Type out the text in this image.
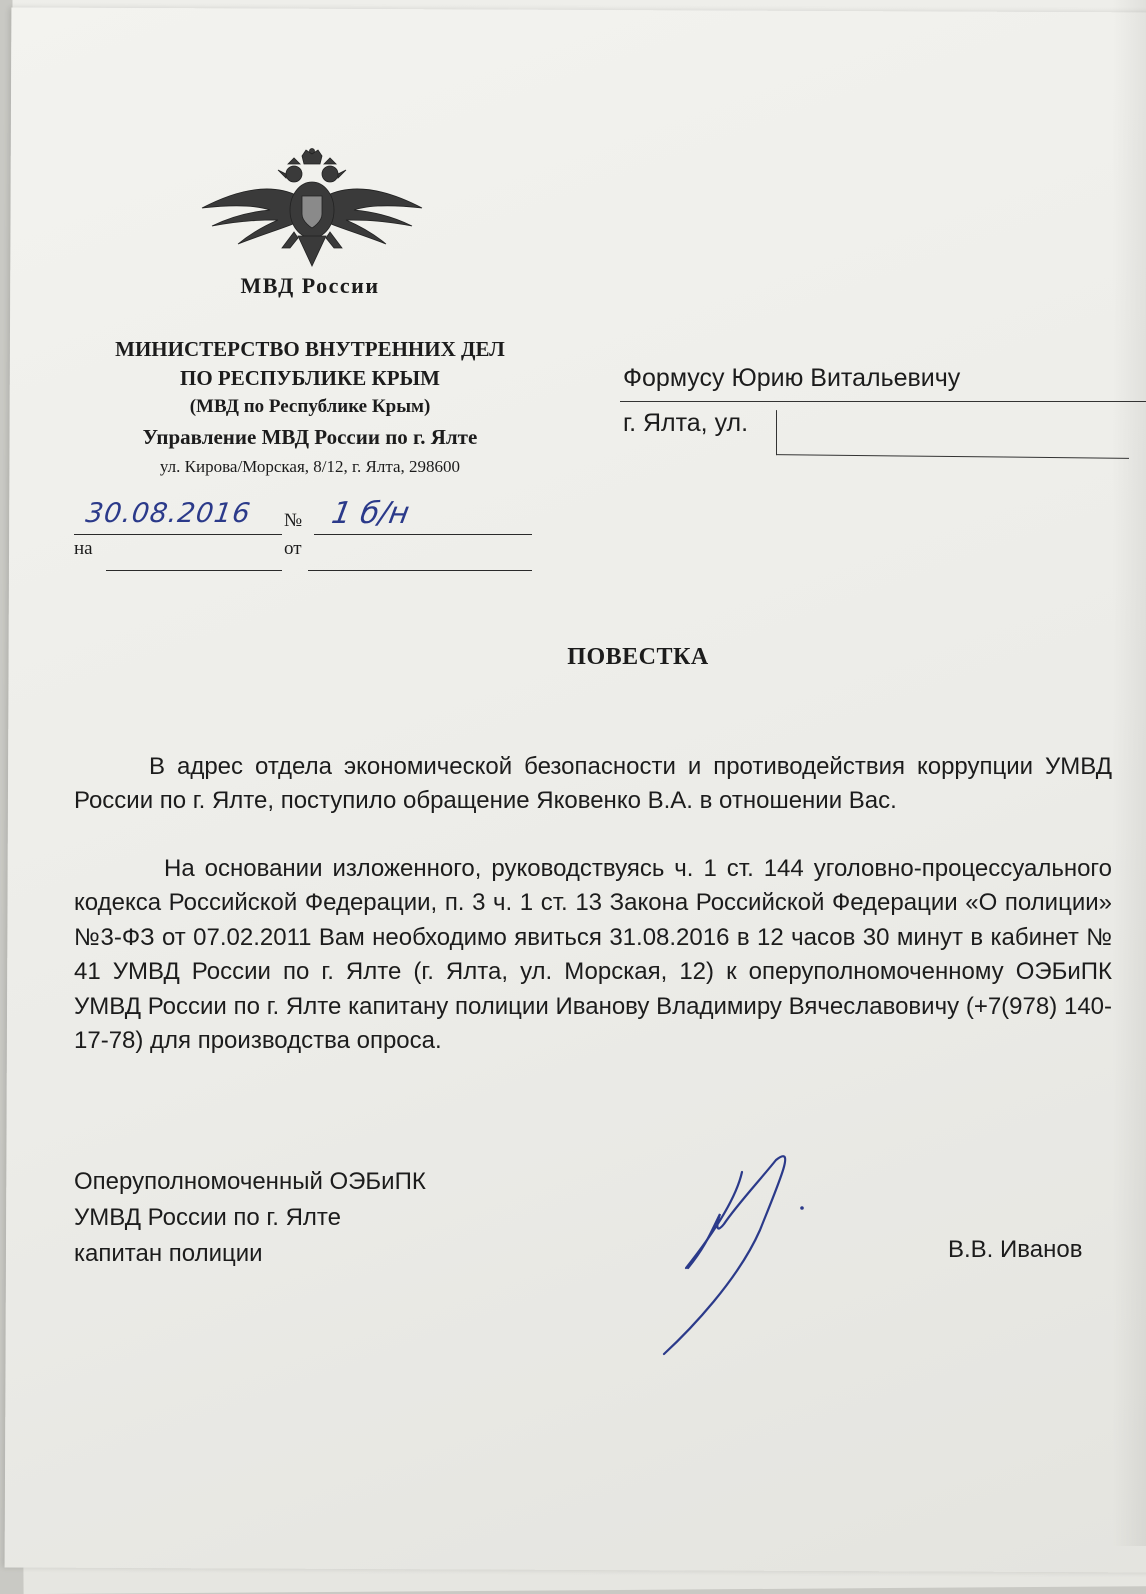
МВД России
МИНИСТЕРСТВО ВНУТРЕННИХ ДЕЛ
ПО РЕСПУБЛИКЕ КРЫМ
(МВД по Республике Крым)
Управление МВД России по г. Ялте
ул. Кирова/Морская, 8/12, г. Ялта, 298600
30.08.2016 № 1 б/н
на	от
Формусу Юрию Витальевичу
г. Ялта, ул.
ПОВЕСТКА
В адрес отдела экономической безопасности и противодействия коррупции УМВД России по г. Ялте, поступило обращение Яковенко В.А. в отношении Вас.
На основании изложенного, руководствуясь ч. 1 ст. 144 уголовно-процессуального кодекса Российской Федерации, п. 3 ч. 1 ст. 13 Закона Российской Федерации «О полиции» №3-ФЗ от 07.02.2011 Вам необходимо явиться 31.08.2016 в 12 часов 30 минут в кабинет № 41 УМВД России по г. Ялте (г. Ялта, ул. Морская, 12) к оперуполномоченному ОЭБиПК УМВД России по г. Ялте капитану полиции Иванову Владимиру Вячеславовичу (+7(978) 140-17-78) для производства опроса.
Оперуполномоченный ОЭБиПК
УМВД России по г. Ялте
капитан полиции	В.В. Иванов
